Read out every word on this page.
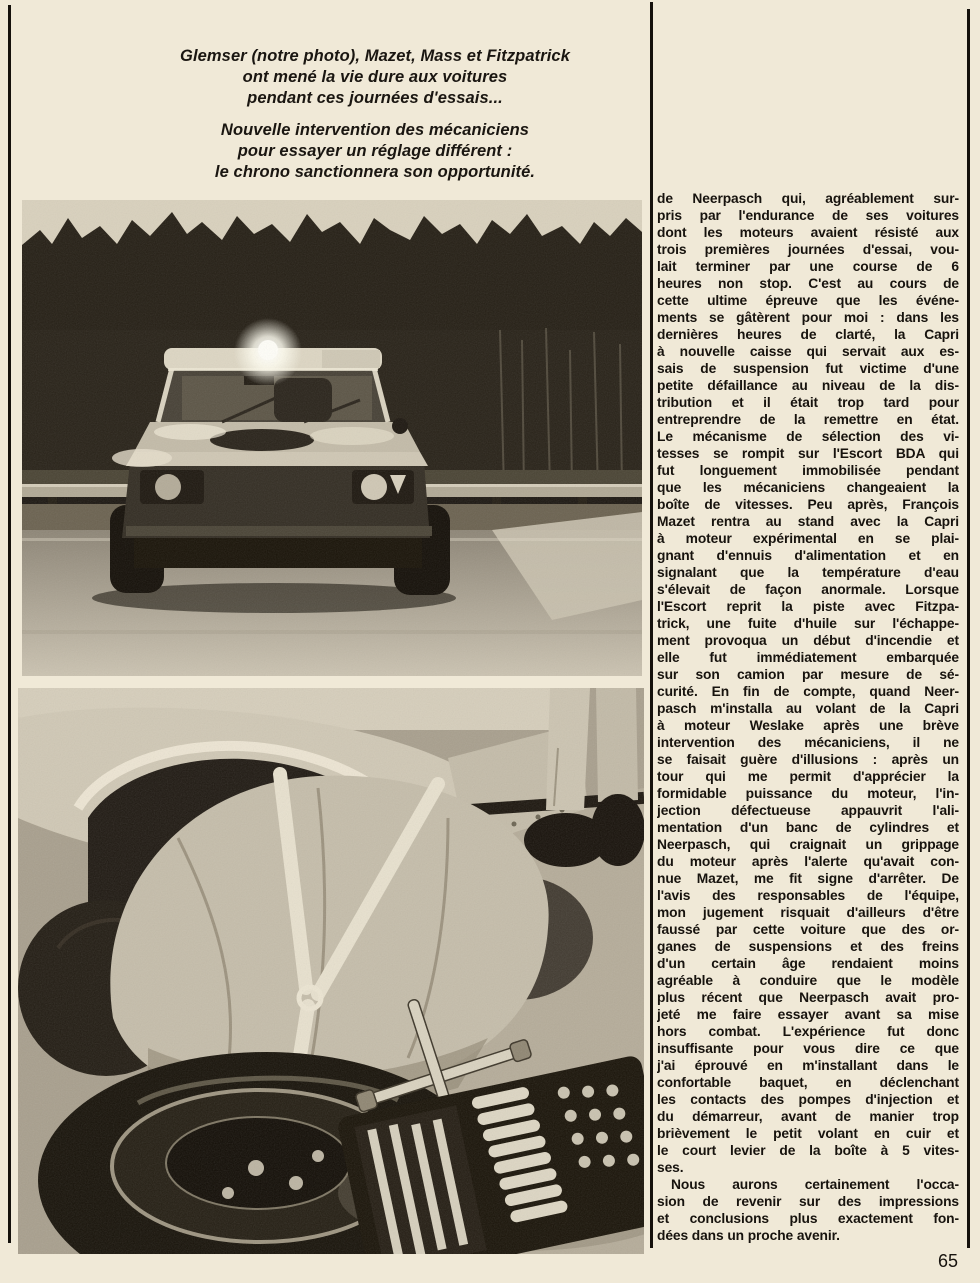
Glemser (notre photo), Mazet, Mass et Fitzpatrick
ont mené la vie dure aux voitures
pendant ces journées d'essais...
Nouvelle intervention des mécaniciens
pour essayer un réglage différent :
le chrono sanctionnera son opportunité.
de Neerpasch qui, agréablement sur-
pris par l'endurance de ses voitures
dont les moteurs avaient résisté aux
trois premières journées d'essai, vou-
lait terminer par une course de 6
heures non stop. C'est au cours de
cette ultime épreuve que les événe-
ments se gâtèrent pour moi : dans les
dernières heures de clarté, la Capri
à nouvelle caisse qui servait aux es-
sais de suspension fut victime d'une
petite défaillance au niveau de la dis-
tribution et il était trop tard pour
entreprendre de la remettre en état.
Le mécanisme de sélection des vi-
tesses se rompit sur l'Escort BDA qui
fut longuement immobilisée pendant
que les mécaniciens changeaient la
boîte de vitesses. Peu après, François
Mazet rentra au stand avec la Capri
à moteur expérimental en se plai-
gnant d'ennuis d'alimentation et en
signalant que la température d'eau
s'élevait de façon anormale. Lorsque
l'Escort reprit la piste avec Fitzpa-
trick, une fuite d'huile sur l'échappe-
ment provoqua un début d'incendie et
elle fut immédiatement embarquée
sur son camion par mesure de sé-
curité. En fin de compte, quand Neer-
pasch m'installa au volant de la Capri
à moteur Weslake après une brève
intervention des mécaniciens, il ne
se faisait guère d'illusions : après un
tour qui me permit d'apprécier la
formidable puissance du moteur, l'in-
jection défectueuse appauvrit l'ali-
mentation d'un banc de cylindres et
Neerpasch, qui craignait un grippage
du moteur après l'alerte qu'avait con-
nue Mazet, me fit signe d'arrêter. De
l'avis des responsables de l'équipe,
mon jugement risquait d'ailleurs d'être
faussé par cette voiture que des or-
ganes de suspensions et des freins
d'un certain âge rendaient moins
agréable à conduire que le modèle
plus récent que Neerpasch avait pro-
jeté me faire essayer avant sa mise
hors combat. L'expérience fut donc
insuffisante pour vous dire ce que
j'ai éprouvé en m'installant dans le
confortable baquet, en déclenchant
les contacts des pompes d'injection et
du démarreur, avant de manier trop
brièvement le petit volant en cuir et
le court levier de la boîte à 5 vites-
ses.
Nous aurons certainement l'occa-
sion de revenir sur des impressions
et conclusions plus exactement fon-
dées dans un proche avenir.
65
